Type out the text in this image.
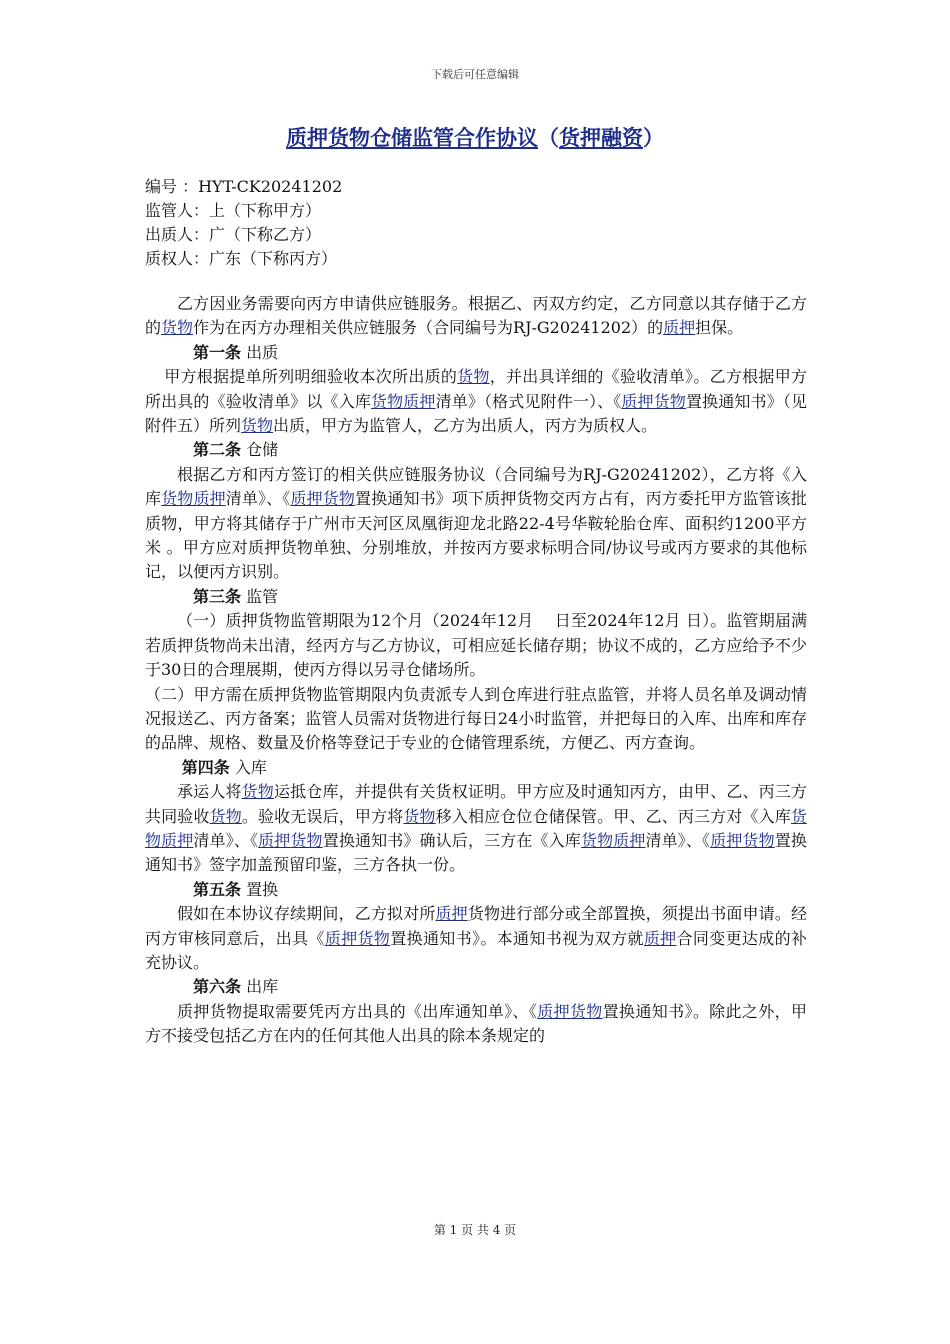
下载后可任意编辑
质押货物仓储监管合作协议（货押融资）
编号 ：HYT-CK20241202
监管人：上（下称甲方）
出质人：广（下称乙方）
质权人：广东（下称丙方）

乙方因业务需要向丙方申请供应链服务。根据乙、丙双方约定，乙方同意以其存储于乙方的货物作为在丙方办理相关供应链服务（合同编号为RJ-G20241202）的质押担保。

第一条 出质

甲方根据提单所列明细验收本次所出质的货物，并出具详细的《验收清单》。乙方根据甲方所出具的《验收清单》以《入库货物质押清单》（格式见附件一）、《质押货物置换通知书》（见附件五）所列货物出质，甲方为监管人，乙方为出质人，丙方为质权人。

第二条 仓储

根据乙方和丙方签订的相关供应链服务协议（合同编号为RJ-G20241202），乙方将《入库货物质押清单》、《质押货物置换通知书》项下质押货物交丙方占有，丙方委托甲方监管该批质物，甲方将其储存于广州市天河区凤凰街迎龙北路22-4号华鞍轮胎仓库、面积约1200平方米 。甲方应对质押货物单独、分别堆放，并按丙方要求标明合同/协议号或丙方要求的其他标记，以便丙方识别。

第三条 监管

（一）质押货物监管期限为12个月（2024年12月　 日至2024年12月 日）。监管期届满若质押货物尚未出清，经丙方与乙方协议，可相应延长储存期；协议不成的，乙方应给予不少于30日的合理展期，使丙方得以另寻仓储场所。

（二）甲方需在质押货物监管期限内负责派专人到仓库进行驻点监管，并将人员名单及调动情况报送乙、丙方备案；监管人员需对货物进行每日24小时监管，并把每日的入库、出库和库存的品牌、规格、数量及价格等登记于专业的仓储管理系统，方便乙、丙方查询。

第四条 入库

承运人将货物运抵仓库，并提供有关货权证明。甲方应及时通知丙方，由甲、乙、丙三方共同验收货物。验收无误后，甲方将货物移入相应仓位仓储保管。甲、乙、丙三方对《入库货物质押清单》、《质押货物置换通知书》确认后，三方在《入库货物质押清单》、《质押货物置换通知书》签字加盖预留印鉴，三方各执一份。

第五条 置换

假如在本协议存续期间，乙方拟对所质押货物进行部分或全部置换，须提出书面申请。经丙方审核同意后，出具《质押货物置换通知书》。本通知书视为双方就质押合同变更达成的补充协议。

第六条 出库

质押货物提取需要凭丙方出具的《出库通知单》、《质押货物置换通知书》。除此之外，甲方不接受包括乙方在内的任何其他人出具的除本条规定的

第 1 页 共 4 页
